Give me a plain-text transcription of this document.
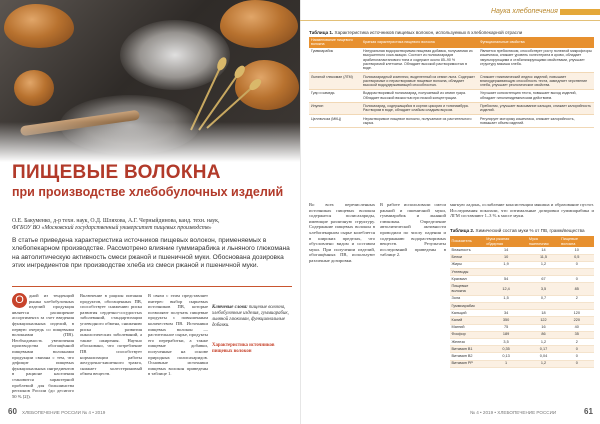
ПИЩЕВЫЕ ВОЛОКНА
при производстве хлебобулочных изделий
О.Е. Бакуменко, д-р техн. наук, О.Д. Шляхова, А.Г. Черныйдинова, канд. техн. наук,
ФГБОУ ВО «Московский государственный университет пищевых производств»
В статье приведена характеристика источников пищевых волокон, применяемых в хлебопекарном производстве. Рассмотрено влияние гуммиарабика и льняного глюкомана на автолитическую активность смеси ржаной и пшеничной муки. Обоснована дозировка этих ингредиентов при производстве хлеба из смеси ржаной и пшеничной муки.
О	дной из тенденций рынка хлебобулочных изделий продукция является расширение ассортимента за счет введения функциональных изделий, в первую очередь со пищевыми волокнами (ПВ). Необходимость увеличения производства обогащённой пищевыми волокнами продукции связана с тем, что дефицит пищевых функциональных ингредиентов в рационе населения становится характерной проблемой для большинства регионов России (до десятого 50 % [2]).
Включение в рацион питания продуктов, обогащенных ПВ, способствует снижению риска развития сердечно-сосудистых заболеваний, стандартизации углеводного обмена, снижению риска развития онкологических заболеваний, а также ожирения. Научно обосновано, что потребление ПВ способствует нормализации работы желудочно-кишечного тракта, снижает холестериновый обмен веществ.
В связи с этим представляет интерес выбор сырьевых источников ПВ, которые позволяют получать пищевые продукты с повышенным количеством ПВ. Источники пищевых волокон — растительное сырье, продукты его переработки, а также пищевые добавки, полученные на основе природных полисахаридов. Основные источники пищевых волокон приведены в таблице 1.
Ключевые слова: пищевые волокна, хлебобулочные изделия, гуммиарабик, льняной глюкоман, функциональные добавки.
Характеристика источников пищевых волокон
60 ХЛЕБОПЕЧЕНИЕ РОССИИ № 4 • 2019
Наука хлебопечения
Таблица 1. Характеристика источников пищевых волокон, используемых в хлебопекарной отрасли
Наименование пищевого волокна	Краткая характеристика пищевого волокна	Функциональные свойства
Гуммиарабик	Натуральная водорастворимая пищевая добавка, получаемая из высушенного сока акации. Состоит из полисахаридов арабиногалактанового типа и содержит около 85–90 % растворимой клетчатки. Обладает высокой растворимостью в воде.	Является пребиотиком, способствует росту полезной микрофлоры кишечника, снижает уровень холестерина в крови, обладает эмульгирующими и стабилизирующими свойствами, улучшает структуру мякиша хлеба.
Льняной глюкоман (ЛГМ)	Полисахаридный комплекс, выделенный из семян льна. Содержит растворимые и нерастворимые пищевые волокна, обладает высокой водоудерживающей способностью.	Снижает гликемический индекс изделий, повышает влагоудерживающую способность теста, замедляет черствение хлеба, улучшает реологические свойства.
Гуар и камедь	Водорастворимый полисахарид, получаемый из семян гуара. Обладает высокой вязкостью при низкой концентрации.	Улучшает консистенцию теста, повышает выход изделий, обладает гиполипидемическим действием.
Инулин	Полисахарид, содержащийся в корнях цикория и топинамбура. Растворим в воде, обладает слабым сладким вкусом.	Пребиотик, улучшает всасывание кальция, снижает калорийность изделий.
Целлюлоза (МКЦ)	Нерастворимое пищевое волокно, получаемое из растительного сырья.	Регулирует моторику кишечника, снижает калорийность, повышает объем изделий.
Во всех перечисленных источниках пищевых волокон содержатся полисахариды, имеющие различную структуру. Содержание пищевых волокон в хлебопекарном сырье колеблется в широких пределах, что обусловлено видом и составом муки. При получении изделий, обогащённых ПВ, используют различные дозировки.
В работе использовали смеси ржаной и пшеничной муки, гуммиарабик и льняной глюкоман. Определение автолитической активности проводили по числу падения и содержанию водорастворимых веществ. Результаты исследований приведены в таблице 2.
мягкую ладонь, ослабление консистенции мякиша и образование пустот. Исследования показали, что оптимальные дозировки гуммиарабика и ЛГМ составляют 1–3 % к массе муки.
Таблица 2. Химический состав муки % от ПВ, грамм/вещества
Показатель	Мука ржаная обдирная	Мука пшеничная	Пищевые волокна
Влажность	14	14	10
Белки	10	11,5	0,5
Жиры	1,9	1,2	0
Углеводы			
Крахмал	54	67	0
Пищевые волокна	12,4	3,5	85
Зола	1,5	0,7	2
Гуммиарабик			
Кальций	34	18	120
Калий	350	122	220
Магний	75	16	40
Фосфор	189	86	35
Железо	3,5	1,2	2
Витамин B1	0,35	0,17	0
Витамин B2	0,13	0,04	0
Витамин PP	1	1,2	0
61
№ 4 • 2019 • ХЛЕБОПЕЧЕНИЕ РОССИИ
